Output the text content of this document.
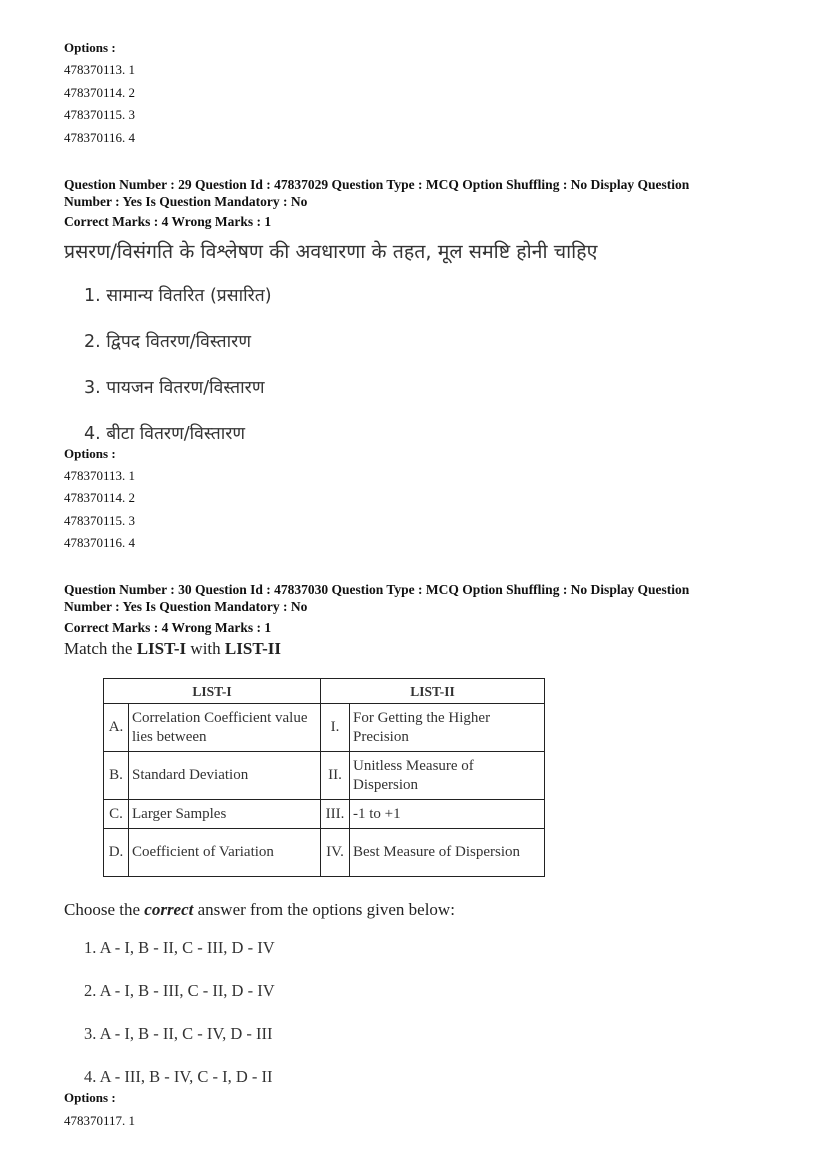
Options :
478370113. 1
478370114. 2
478370115. 3
478370116. 4
Question Number : 29 Question Id : 47837029 Question Type : MCQ Option Shuffling : No Display Question
Number : Yes Is Question Mandatory : No
Correct Marks : 4 Wrong Marks : 1
प्रसरण/विसंगति के विश्लेषण की अवधारणा के तहत, मूल समष्टि होनी चाहिए
1. सामान्य वितरित (प्रसारित)
2. द्विपद वितरण/विस्तारण
3. पायजन वितरण/विस्तारण
4. बीटा वितरण/विस्तारण
Options :
478370113. 1
478370114. 2
478370115. 3
478370116. 4
Question Number : 30 Question Id : 47837030 Question Type : MCQ Option Shuffling : No Display Question
Number : Yes Is Question Mandatory : No
Correct Marks : 4 Wrong Marks : 1
Match the LIST-I with LIST-II
LIST-I		LIST-II	
A.	Correlation Coefficient value lies between	I.	For Getting the Higher Precision
B.	Standard Deviation	II.	Unitless Measure of Dispersion
C.	Larger Samples	III.	-1 to +1
D.	Coefficient of Variation	IV.	Best Measure of Dispersion
Choose the correct answer from the options given below:
1. A - I, B - II, C - III, D - IV
2. A - I, B - III, C - II, D - IV
3. A - I, B - II, C - IV, D - III
4. A - III, B - IV, C - I, D - II
Options :
478370117. 1
